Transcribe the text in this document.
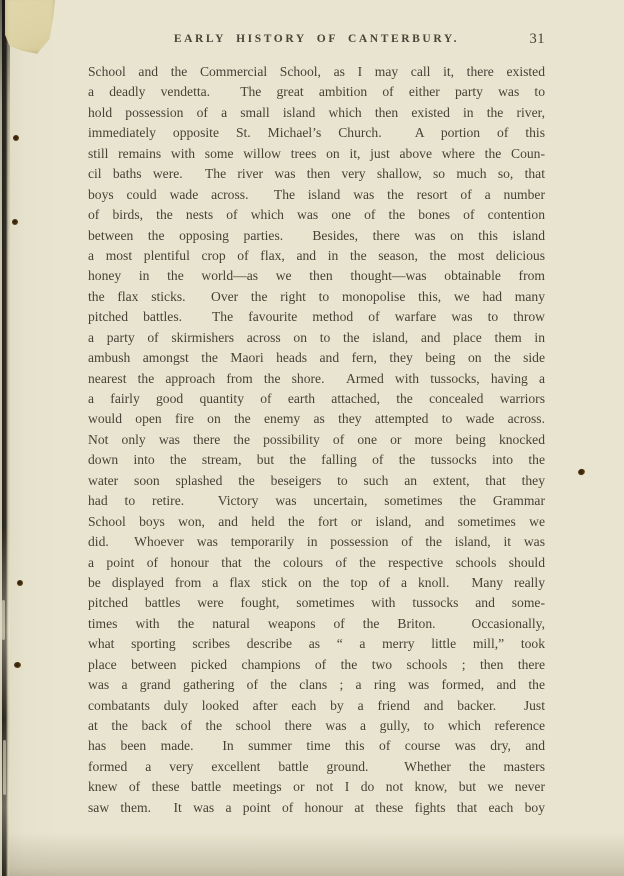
EARLY HISTORY OF CANTERBURY.	31
School and the Commercial School, as I may call it, there existed
a deadly vendetta.  The great ambition of either party was to
hold possession of a small island which then existed in the river,
immediately opposite St. Michael’s Church.  A portion of this
still remains with some willow trees on it, just above where the Coun-
cil baths were.  The river was then very shallow, so much so, that
boys could wade across.  The island was the resort of a number
of birds, the nests of which was one of the bones of contention
between the opposing parties.  Besides, there was on this island
a most plentiful crop of flax, and in the season, the most delicious
honey in the world—as we then thought—was obtainable from
the flax sticks.  Over the right to monopolise this, we had many
pitched battles.  The favourite method of warfare was to throw
a party of skirmishers across on to the island, and place them in
ambush amongst the Maori heads and fern, they being on the side
nearest the approach from the shore.  Armed with tussocks, having a
a fairly good quantity of earth attached, the concealed warriors
would open fire on the enemy as they attempted to wade across.
Not only was there the possibility of one or more being knocked
down into the stream, but the falling of the tussocks into the
water soon splashed the beseigers to such an extent, that they
had to retire.  Victory was uncertain, sometimes the Grammar
School boys won, and held the fort or island, and sometimes we
did.  Whoever was temporarily in possession of the island, it was
a point of honour that the colours of the respective schools should
be displayed from a flax stick on the top of a knoll.  Many really
pitched battles were fought, sometimes with tussocks and some-
times with the natural weapons of the Briton.  Occasionally,
what sporting scribes describe as “ a merry little mill,” took
place between picked champions of the two schools ; then there
was a grand gathering of the clans ; a ring was formed, and the
combatants duly looked after each by a friend and backer.  Just
at the back of the school there was a gully, to which reference
has been made.  In summer time this of course was dry, and
formed a very excellent battle ground.  Whether the masters
knew of these battle meetings or not I do not know, but we never
saw them.  It was a point of honour at these fights that each boy
